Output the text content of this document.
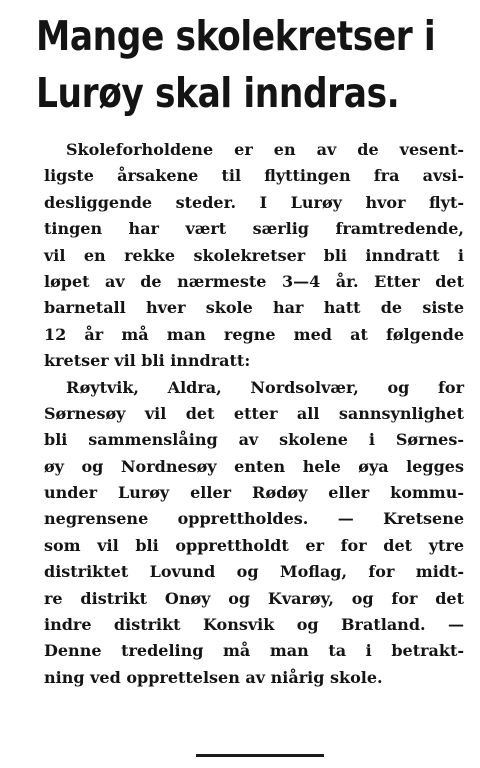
Mange skolekretser i
Lurøy skal inndras.
Skoleforholdene er en av de vesent-
ligste årsakene til flyttingen fra avsi-
desliggende steder. I Lurøy hvor flyt-
tingen har vært særlig framtredende,
vil en rekke skolekretser bli inndratt i
løpet av de nærmeste 3—4 år. Etter det
barnetall hver skole har hatt de siste
12 år må man regne med at følgende
kretser vil bli inndratt:
Røytvik, Aldra, Nordsolvær, og for
Sørnesøy vil det etter all sannsynlighet
bli sammenslåing av skolene i Sørnes-
øy og Nordnesøy enten hele øya legges
under Lurøy eller Rødøy eller kommu-
negrensene opprettholdes. — Kretsene
som vil bli opprettholdt er for det ytre
distriktet Lovund og Moflag, for midt-
re distrikt Onøy og Kvarøy, og for det
indre distrikt Konsvik og Bratland. —
Denne tredeling må man ta i betrakt-
ning ved opprettelsen av niårig skole.
